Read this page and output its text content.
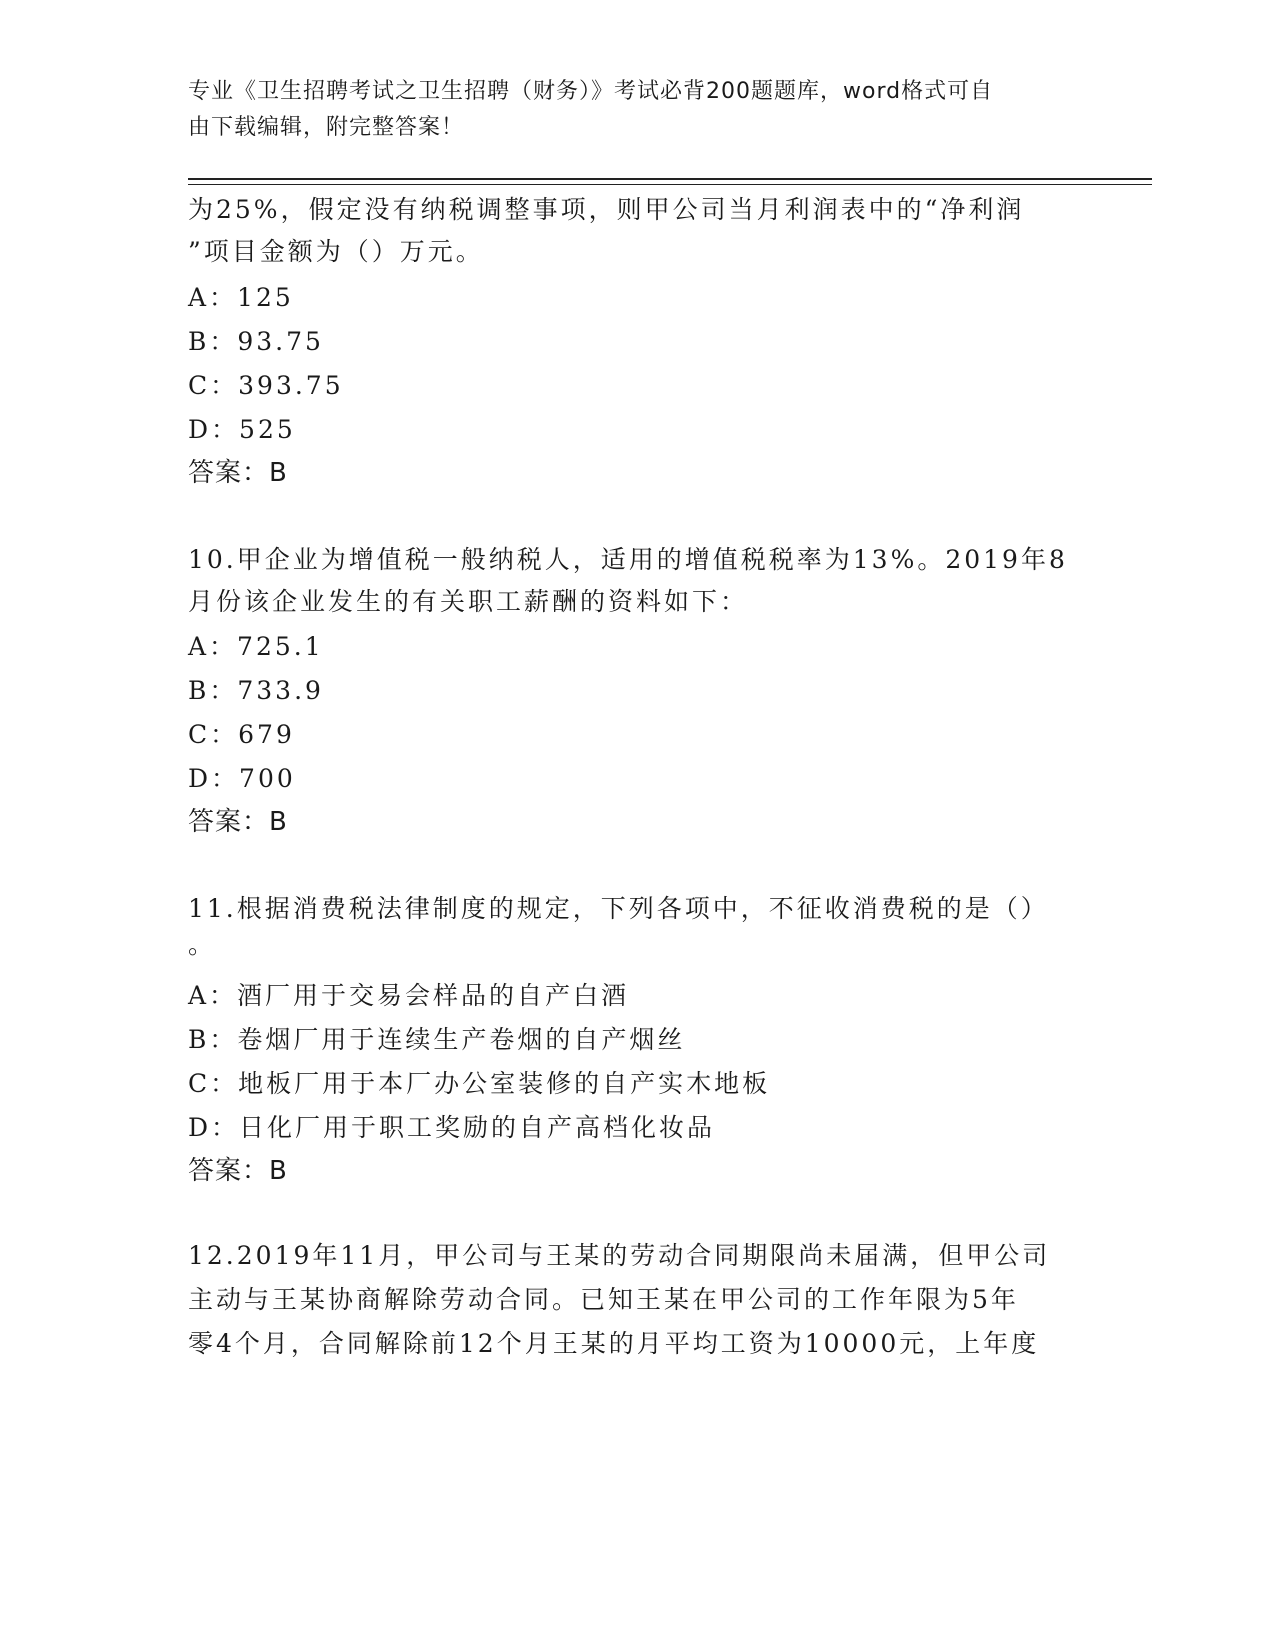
专业《卫生招聘考试之卫生招聘（财务）》考试必背200题题库，word格式可自
由下载编辑，附完整答案！
为25%，假定没有纳税调整事项，则甲公司当月利润表中的“净利润
”项目金额为（）万元。
A：125
B：93.75
C：393.75
D：525
答案：B
10.甲企业为增值税一般纳税人，适用的增值税税率为13%。2019年8
月份该企业发生的有关职工薪酬的资料如下：
A：725.1
B：733.9
C：679
D：700
答案：B
11.根据消费税法律制度的规定，下列各项中，不征收消费税的是（）
。
A：酒厂用于交易会样品的自产白酒
B：卷烟厂用于连续生产卷烟的自产烟丝
C：地板厂用于本厂办公室装修的自产实木地板
D：日化厂用于职工奖励的自产高档化妆品
答案：B
12.2019年11月，甲公司与王某的劳动合同期限尚未届满，但甲公司
主动与王某协商解除劳动合同。已知王某在甲公司的工作年限为5年
零4个月，合同解除前12个月王某的月平均工资为10000元，上年度
